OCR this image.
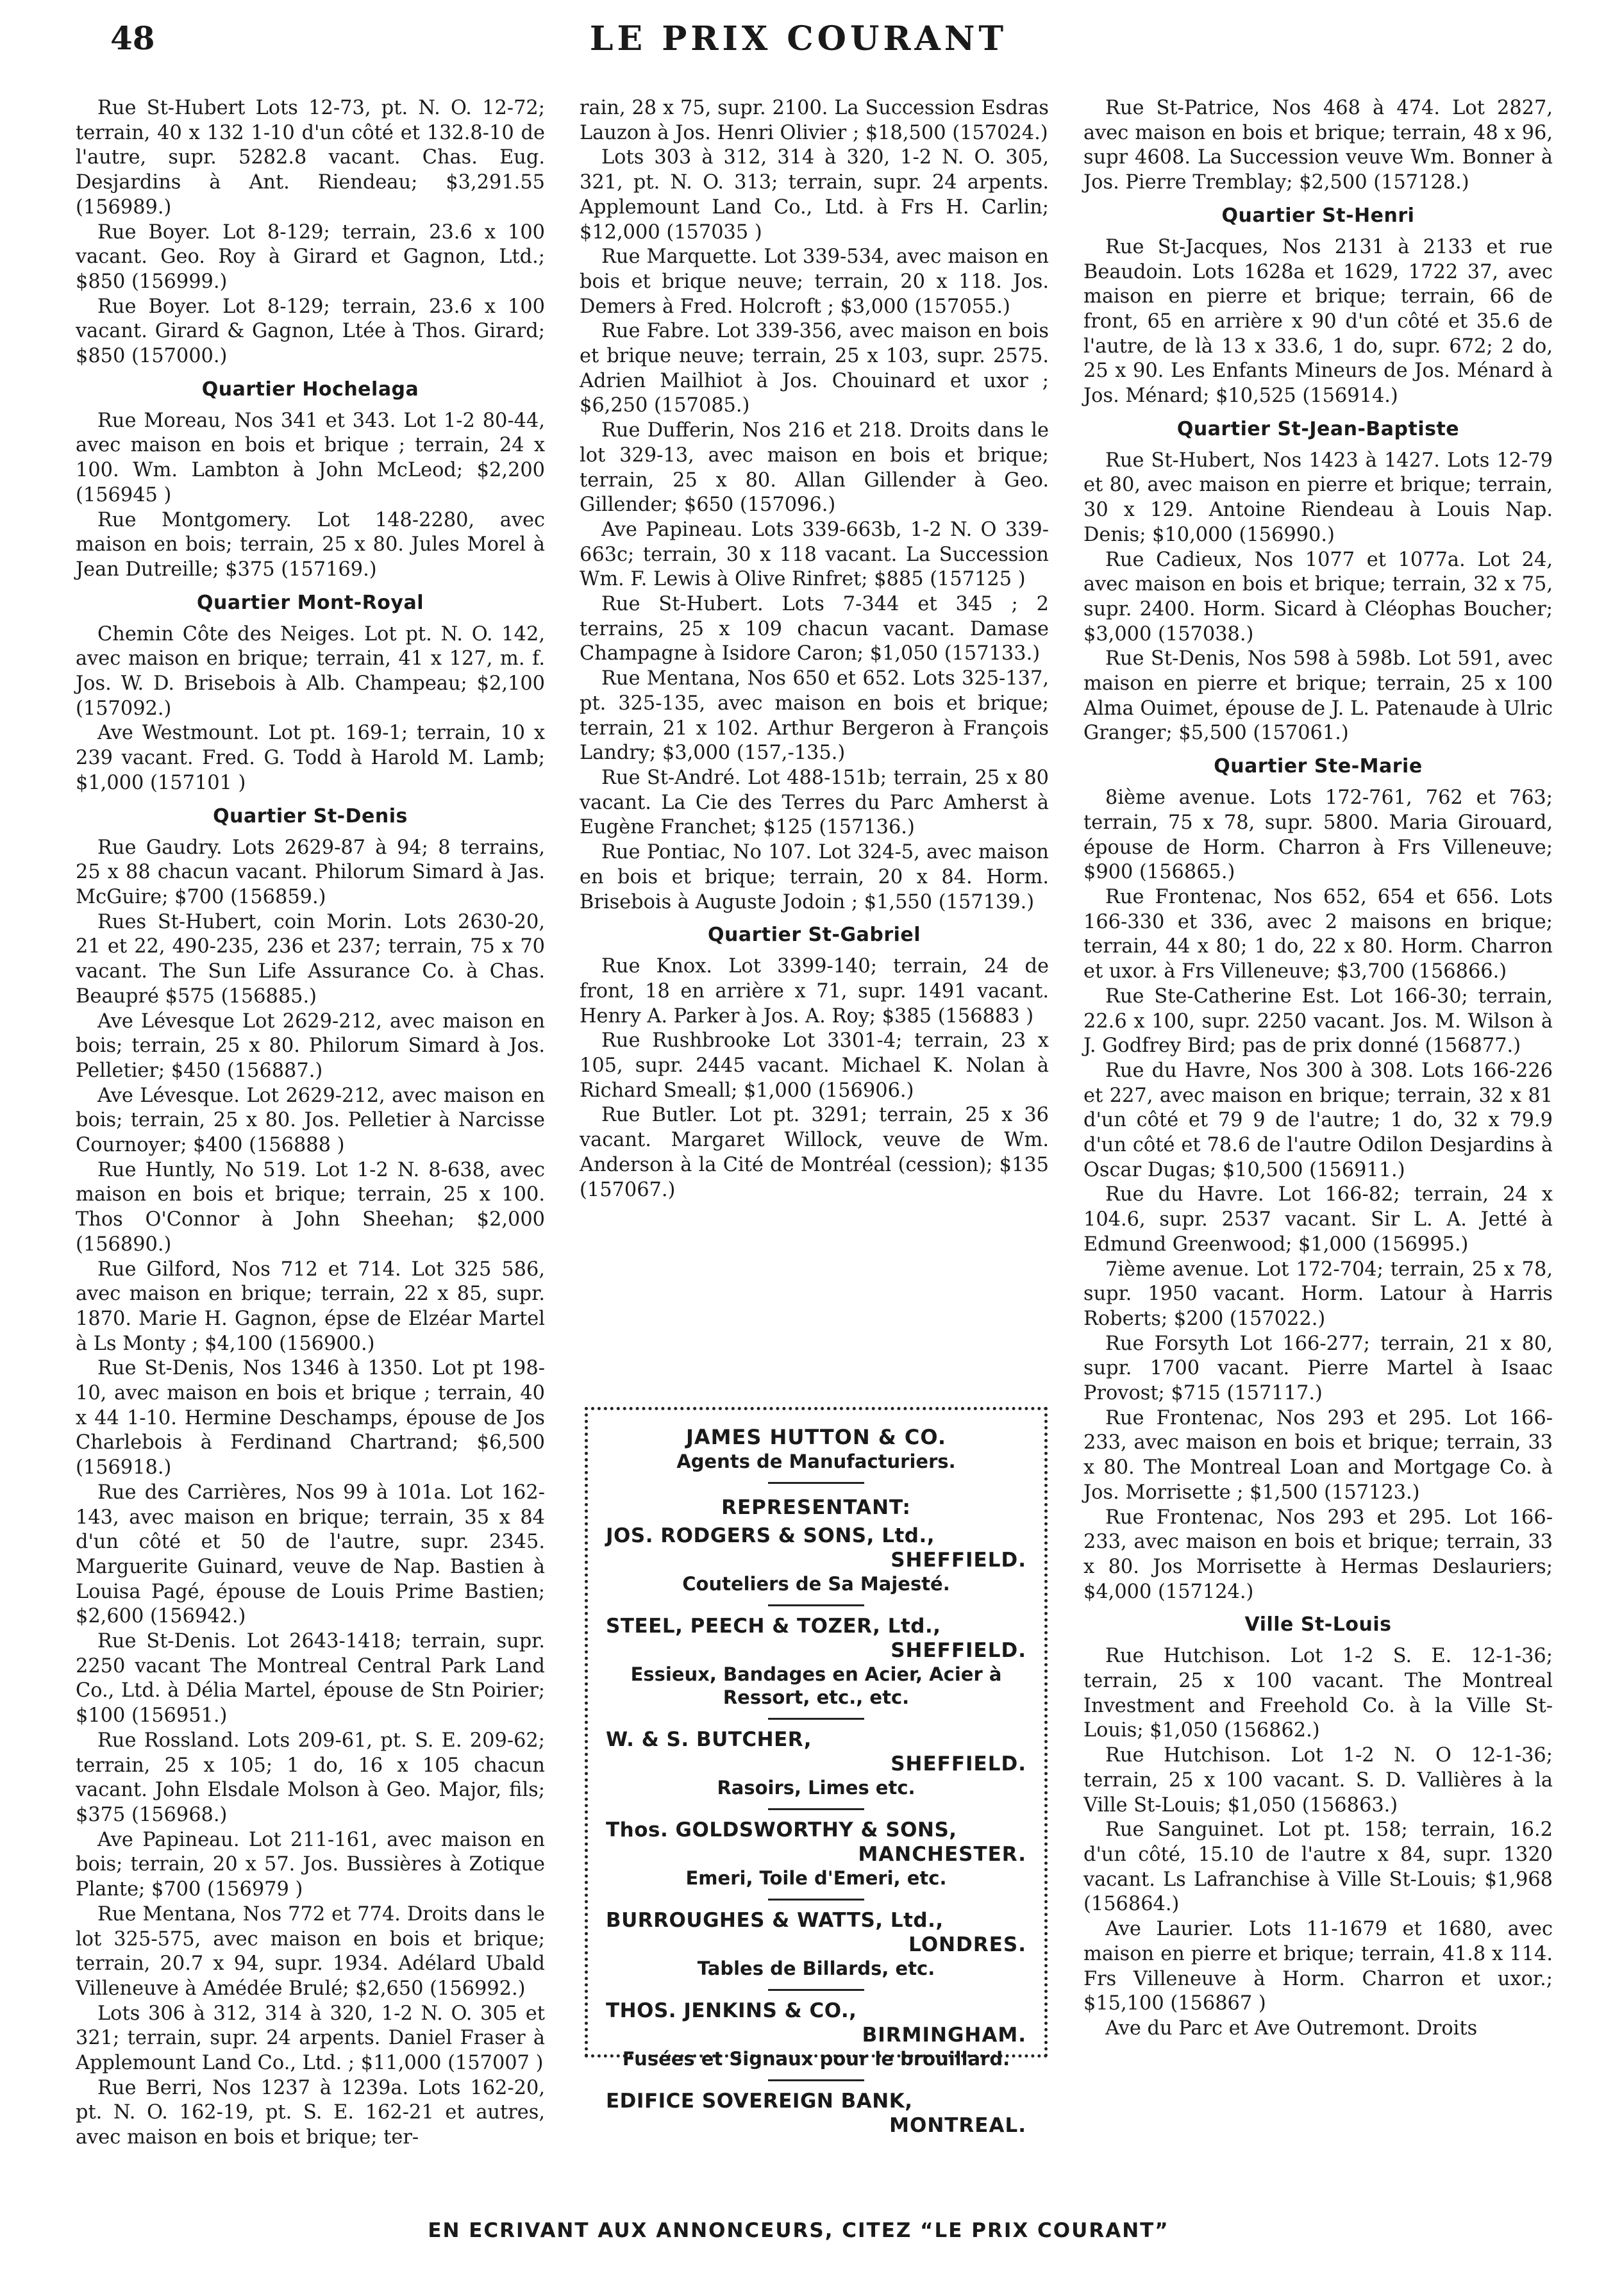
48	LE PRIX COURANT
Rue St-Hubert Lots 12-73, pt. N. O. 12-72; terrain, 40 x 132 1-10 d'un côté et 132.8-10 de l'autre, supr. 5282.8 vacant. Chas. Eug. Desjardins à Ant. Riendeau; $3,291.55 (156989.)
Rue Boyer. Lot 8-129; terrain, 23.6 x 100 vacant. Geo. Roy à Girard et Gagnon, Ltd.; $850 (156999.)
Rue Boyer. Lot 8-129; terrain, 23.6 x 100 vacant. Girard & Gagnon, Ltée à Thos. Girard; $850 (157000.)
Quartier Hochelaga
Rue Moreau, Nos 341 et 343. Lot 1-2 80-44, avec maison en bois et brique ; terrain, 24 x 100. Wm. Lambton à John McLeod; $2,200 (156945 )
Rue Montgomery. Lot 148-2280, avec maison en bois; terrain, 25 x 80. Jules Morel à Jean Dutreille; $375 (157169.)
Quartier Mont-Royal
Chemin Côte des Neiges. Lot pt. N. O. 142, avec maison en brique; terrain, 41 x 127, m. f. Jos. W. D. Brisebois à Alb. Champeau; $2,100 (157092.)
Ave Westmount. Lot pt. 169-1; terrain, 10 x 239 vacant. Fred. G. Todd à Harold M. Lamb; $1,000 (157101 )
Quartier St-Denis
Rue Gaudry. Lots 2629-87 à 94; 8 terrains, 25 x 88 chacun vacant. Philorum Simard à Jas. McGuire; $700 (156859.)
Rues St-Hubert, coin Morin. Lots 2630-20, 21 et 22, 490-235, 236 et 237; terrain, 75 x 70 vacant. The Sun Life Assurance Co. à Chas. Beaupré $575 (156885.)
Ave Lévesque Lot 2629-212, avec maison en bois; terrain, 25 x 80. Philorum Simard à Jos. Pelletier; $450 (156887.)
Ave Lévesque. Lot 2629-212, avec maison en bois; terrain, 25 x 80. Jos. Pelletier à Narcisse Cournoyer; $400 (156888 )
Rue Huntly, No 519. Lot 1-2 N. 8-638, avec maison en bois et brique; terrain, 25 x 100. Thos O'Connor à John Sheehan; $2,000 (156890.)
Rue Gilford, Nos 712 et 714. Lot 325 586, avec maison en brique; terrain, 22 x 85, supr. 1870. Marie H. Gagnon, épse de Elzéar Martel à Ls Monty ; $4,100 (156900.)
Rue St-Denis, Nos 1346 à 1350. Lot pt 198-10, avec maison en bois et brique ; terrain, 40 x 44 1-10. Hermine Deschamps, épouse de Jos Charlebois à Ferdinand Chartrand; $6,500 (156918.)
Rue des Carrières, Nos 99 à 101a. Lot 162-143, avec maison en brique; terrain, 35 x 84 d'un côté et 50 de l'autre, supr. 2345. Marguerite Guinard, veuve de Nap. Bastien à Louisa Pagé, épouse de Louis Prime Bastien; $2,600 (156942.)
Rue St-Denis. Lot 2643-1418; terrain, supr. 2250 vacant The Montreal Central Park Land Co., Ltd. à Délia Martel, épouse de Stn Poirier; $100 (156951.)
Rue Rossland. Lots 209-61, pt. S. E. 209-62; terrain, 25 x 105; 1 do, 16 x 105 chacun vacant. John Elsdale Molson à Geo. Major, fils; $375 (156968.)
Ave Papineau. Lot 211-161, avec maison en bois; terrain, 20 x 57. Jos. Bussières à Zotique Plante; $700 (156979 )
Rue Mentana, Nos 772 et 774. Droits dans le lot 325-575, avec maison en bois et brique; terrain, 20.7 x 94, supr. 1934. Adélard Ubald Villeneuve à Amédée Brulé; $2,650 (156992.)
Lots 306 à 312, 314 à 320, 1-2 N. O. 305 et 321; terrain, supr. 24 arpents. Daniel Fraser à Applemount Land Co., Ltd. ; $11,000 (157007 )
Rue Berri, Nos 1237 à 1239a. Lots 162-20, pt. N. O. 162-19, pt. S. E. 162-21 et autres, avec maison en bois et brique; ter-
rain, 28 x 75, supr. 2100. La Succession Esdras Lauzon à Jos. Henri Olivier ; $18,500 (157024.)
Lots 303 à 312, 314 à 320, 1-2 N. O. 305, 321, pt. N. O. 313; terrain, supr. 24 arpents. Applemount Land Co., Ltd. à Frs H. Carlin; $12,000 (157035 )
Rue Marquette. Lot 339-534, avec maison en bois et brique neuve; terrain, 20 x 118. Jos. Demers à Fred. Holcroft ; $3,000 (157055.)
Rue Fabre. Lot 339-356, avec maison en bois et brique neuve; terrain, 25 x 103, supr. 2575. Adrien Mailhiot à Jos. Chouinard et uxor ; $6,250 (157085.)
Rue Dufferin, Nos 216 et 218. Droits dans le lot 329-13, avec maison en bois et brique; terrain, 25 x 80. Allan Gillender à Geo. Gillender; $650 (157096.)
Ave Papineau. Lots 339-663b, 1-2 N. O 339-663c; terrain, 30 x 118 vacant. La Succession Wm. F. Lewis à Olive Rinfret; $885 (157125 )
Rue St-Hubert. Lots 7-344 et 345 ; 2 terrains, 25 x 109 chacun vacant. Damase Champagne à Isidore Caron; $1,050 (157133.)
Rue Mentana, Nos 650 et 652. Lots 325-137, pt. 325-135, avec maison en bois et brique; terrain, 21 x 102. Arthur Bergeron à François Landry; $3,000 (157,-135.)
Rue St-André. Lot 488-151b; terrain, 25 x 80 vacant. La Cie des Terres du Parc Amherst à Eugène Franchet; $125 (157136.)
Rue Pontiac, No 107. Lot 324-5, avec maison en bois et brique; terrain, 20 x 84. Horm. Brisebois à Auguste Jodoin ; $1,550 (157139.)
Quartier St-Gabriel
Rue Knox. Lot 3399-140; terrain, 24 de front, 18 en arrière x 71, supr. 1491 vacant. Henry A. Parker à Jos. A. Roy; $385 (156883 )
Rue Rushbrooke Lot 3301-4; terrain, 23 x 105, supr. 2445 vacant. Michael K. Nolan à Richard Smeall; $1,000 (156906.)
Rue Butler. Lot pt. 3291; terrain, 25 x 36 vacant. Margaret Willock, veuve de Wm. Anderson à la Cité de Montréal (cession); $135 (157067.)
Rue St-Patrice, Nos 468 à 474. Lot 2827, avec maison en bois et brique; terrain, 48 x 96, supr 4608. La Succession veuve Wm. Bonner à Jos. Pierre Tremblay; $2,500 (157128.)
Quartier St-Henri
Rue St-Jacques, Nos 2131 à 2133 et rue Beaudoin. Lots 1628a et 1629, 1722 37, avec maison en pierre et brique; terrain, 66 de front, 65 en arrière x 90 d'un côté et 35.6 de l'autre, de là 13 x 33.6, 1 do, supr. 672; 2 do, 25 x 90. Les Enfants Mineurs de Jos. Ménard à Jos. Ménard; $10,525 (156914.)
Quartier St-Jean-Baptiste
Rue St-Hubert, Nos 1423 à 1427. Lots 12-79 et 80, avec maison en pierre et brique; terrain, 30 x 129. Antoine Riendeau à Louis Nap. Denis; $10,000 (156990.)
Rue Cadieux, Nos 1077 et 1077a. Lot 24, avec maison en bois et brique; terrain, 32 x 75, supr. 2400. Horm. Sicard à Cléophas Boucher; $3,000 (157038.)
Rue St-Denis, Nos 598 à 598b. Lot 591, avec maison en pierre et brique; terrain, 25 x 100 Alma Ouimet, épouse de J. L. Patenaude à Ulric Granger; $5,500 (157061.)
Quartier Ste-Marie
8ième avenue. Lots 172-761, 762 et 763; terrain, 75 x 78, supr. 5800. Maria Girouard, épouse de Horm. Charron à Frs Villeneuve; $900 (156865.)
Rue Frontenac, Nos 652, 654 et 656. Lots 166-330 et 336, avec 2 maisons en brique; terrain, 44 x 80; 1 do, 22 x 80. Horm. Charron et uxor. à Frs Villeneuve; $3,700 (156866.)
Rue Ste-Catherine Est. Lot 166-30; terrain, 22.6 x 100, supr. 2250 vacant. Jos. M. Wilson à J. Godfrey Bird; pas de prix donné (156877.)
Rue du Havre, Nos 300 à 308. Lots 166-226 et 227, avec maison en brique; terrain, 32 x 81 d'un côté et 79 9 de l'autre; 1 do, 32 x 79.9 d'un côté et 78.6 de l'autre Odilon Desjardins à Oscar Dugas; $10,500 (156911.)
Rue du Havre. Lot 166-82; terrain, 24 x 104.6, supr. 2537 vacant. Sir L. A. Jetté à Edmund Greenwood; $1,000 (156995.)
7ième avenue. Lot 172-704; terrain, 25 x 78, supr. 1950 vacant. Horm. Latour à Harris Roberts; $200 (157022.)
Rue Forsyth Lot 166-277; terrain, 21 x 80, supr. 1700 vacant. Pierre Martel à Isaac Provost; $715 (157117.)
Rue Frontenac, Nos 293 et 295. Lot 166-233, avec maison en bois et brique; terrain, 33 x 80. The Montreal Loan and Mortgage Co. à Jos. Morrisette ; $1,500 (157123.)
Rue Frontenac, Nos 293 et 295. Lot 166-233, avec maison en bois et brique; terrain, 33 x 80. Jos Morrisette à Hermas Deslauriers; $4,000 (157124.)
Ville St-Louis
Rue Hutchison. Lot 1-2 S. E. 12-1-36; terrain, 25 x 100 vacant. The Montreal Investment and Freehold Co. à la Ville St-Louis; $1,050 (156862.)
Rue Hutchison. Lot 1-2 N. O 12-1-36; terrain, 25 x 100 vacant. S. D. Vallières à la Ville St-Louis; $1,050 (156863.)
Rue Sanguinet. Lot pt. 158; terrain, 16.2 d'un côté, 15.10 de l'autre x 84, supr. 1320 vacant. Ls Lafranchise à Ville St-Louis; $1,968 (156864.)
Ave Laurier. Lots 11-1679 et 1680, avec maison en pierre et brique; terrain, 41.8 x 114. Frs Villeneuve à Horm. Charron et uxor.; $15,100 (156867 )
Ave du Parc et Ave Outremont. Droits
JAMES HUTTON & CO.
Agents de Manufacturiers.
REPRESENTANT:
JOS. RODGERS & SONS, Ltd.,
SHEFFIELD.
Couteliers de Sa Majesté.
STEEL, PEECH & TOZER, Ltd.,
SHEFFIELD.
Essieux, Bandages en Acier, Acier à Ressort, etc., etc.
W. & S. BUTCHER,
SHEFFIELD.
Rasoirs, Limes etc.
Thos. GOLDSWORTHY & SONS,
MANCHESTER.
Emeri, Toile d'Emeri, etc.
BURROUGHES & WATTS, Ltd.,
LONDRES.
Tables de Billards, etc.
THOS. JENKINS & CO.,
BIRMINGHAM.
Fusées et Signaux pour le brouillard.
EDIFICE SOVEREIGN BANK,
MONTREAL.
EN ECRIVANT AUX ANNONCEURS, CITEZ “LE PRIX COURANT”
